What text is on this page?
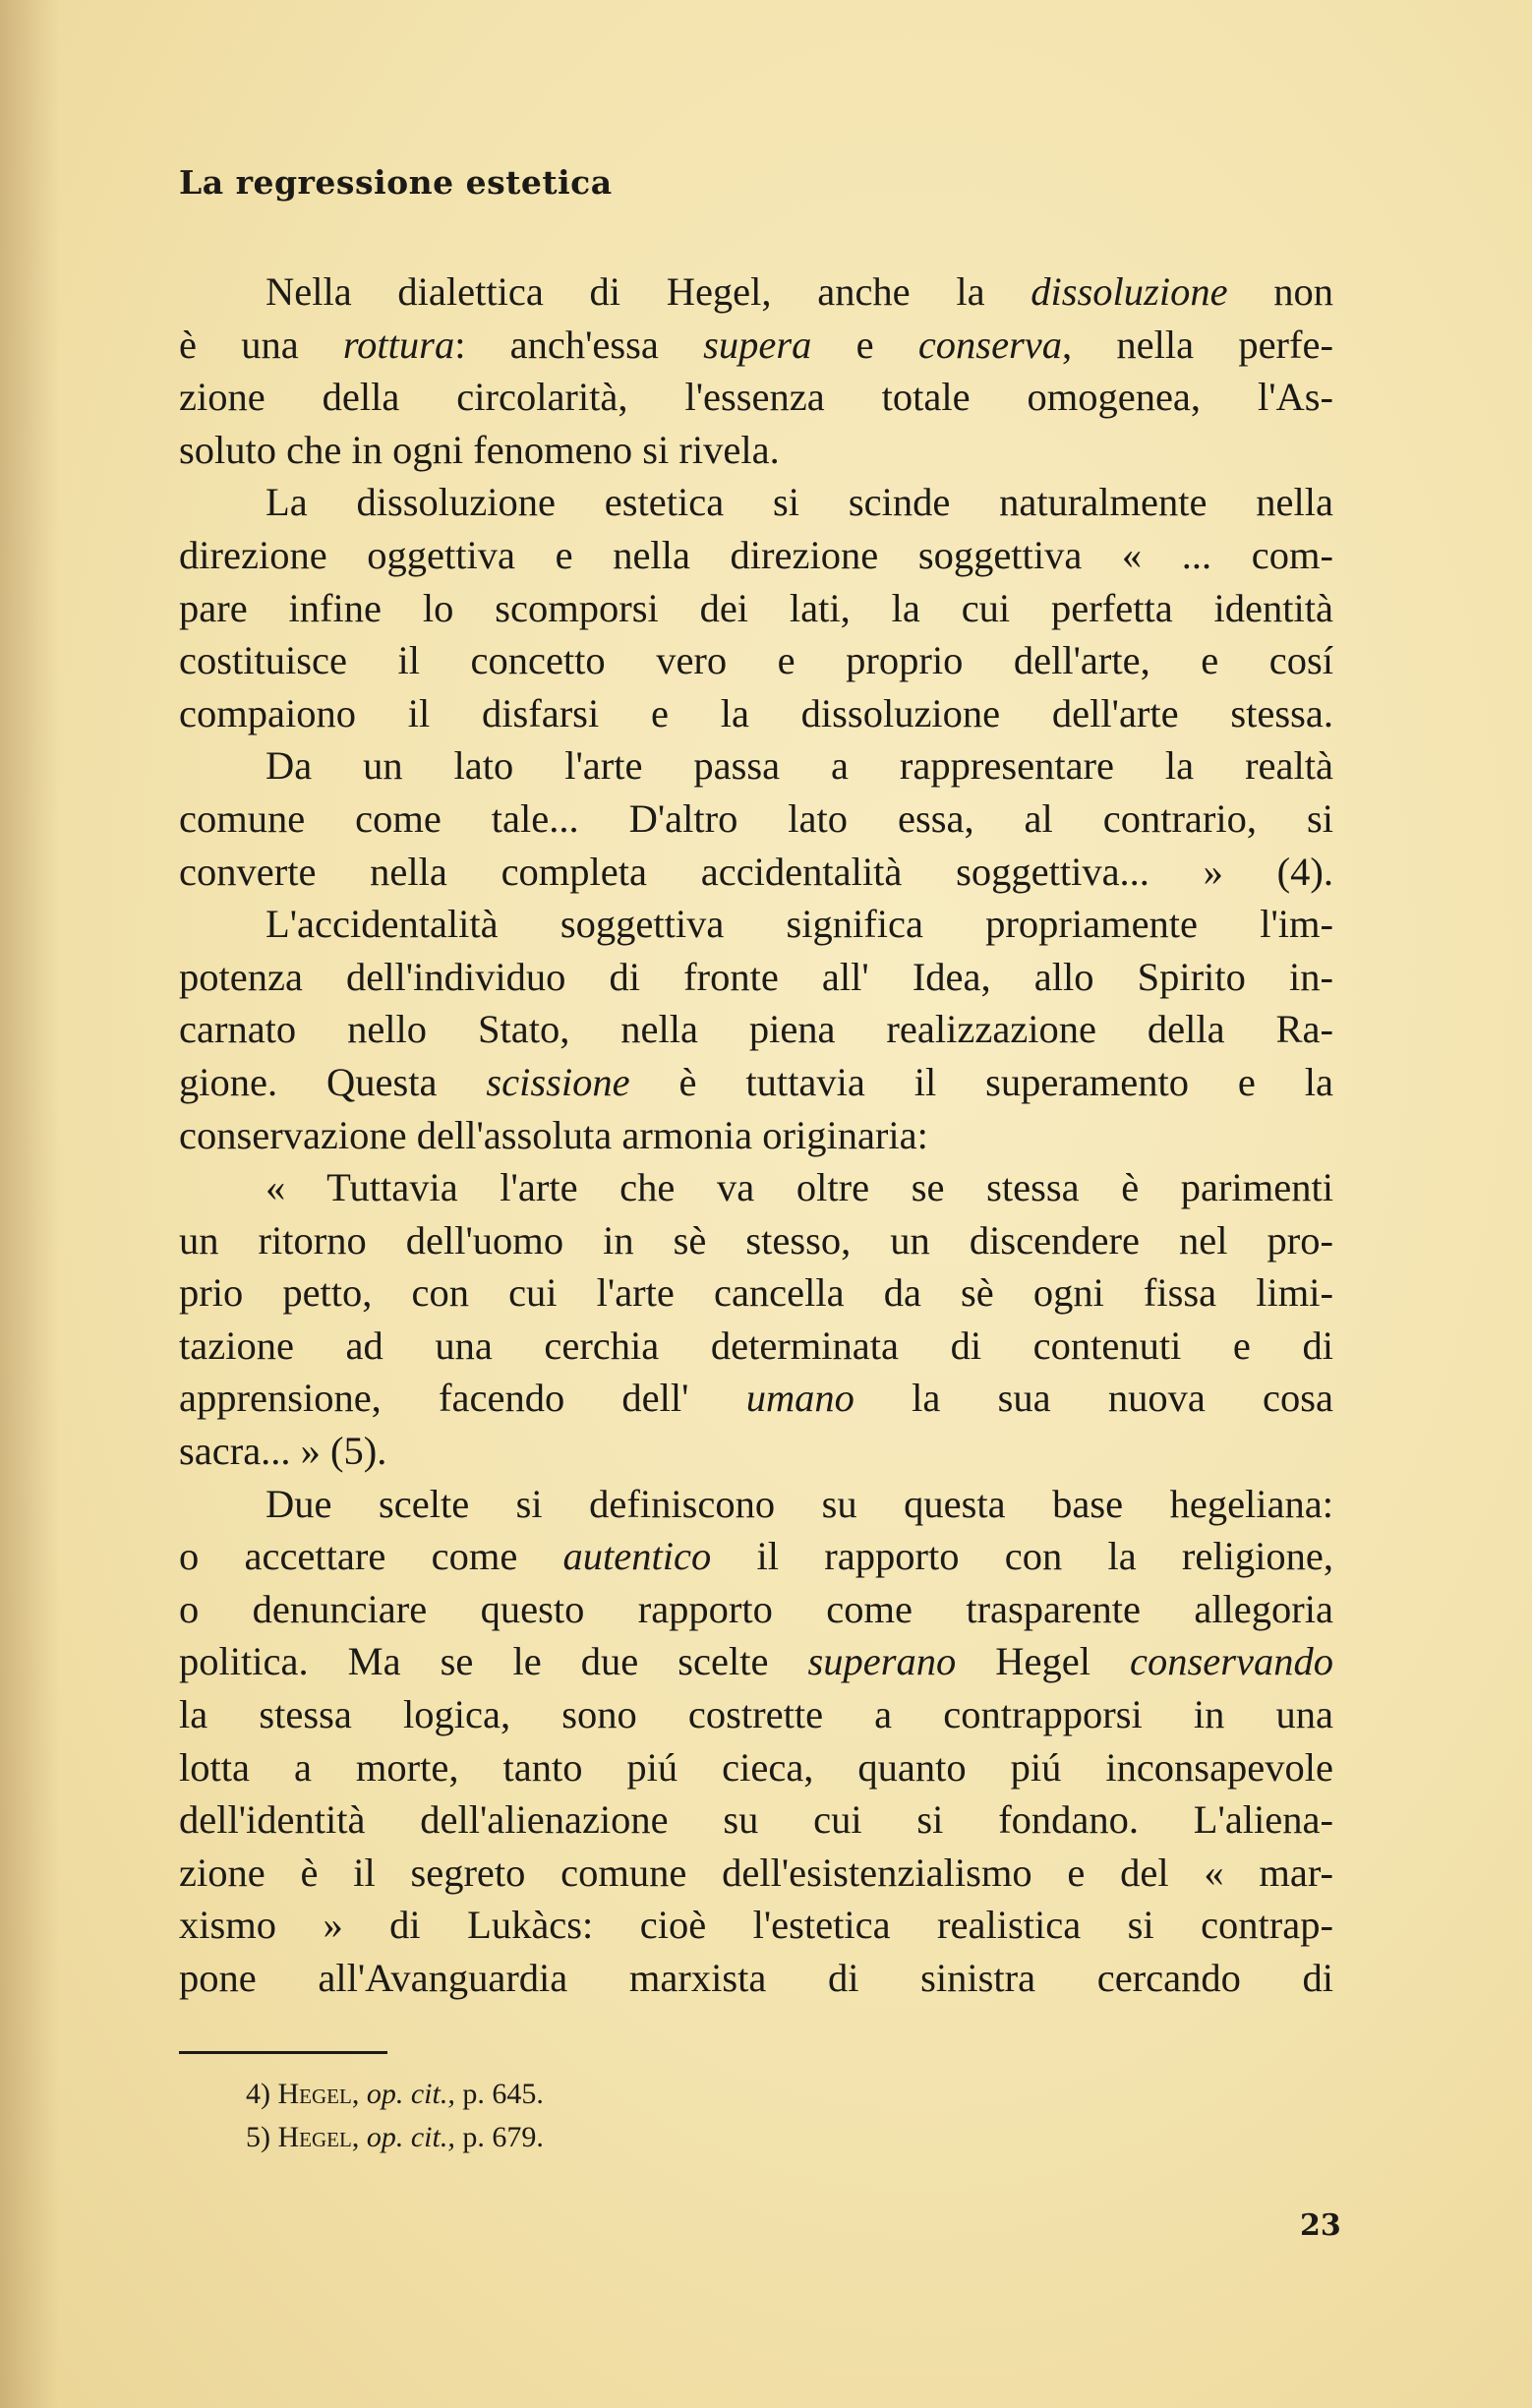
La regressione estetica
Nella dialettica di Hegel, anche la dissoluzione non
è una rottura: anch'essa supera e conserva, nella perfe-
zione della circolarità, l'essenza totale omogenea, l'As-
soluto che in ogni fenomeno si rivela.
La dissoluzione estetica si scinde naturalmente nella
direzione oggettiva e nella direzione soggettiva « ... com-
pare infine lo scomporsi dei lati, la cui perfetta identità
costituisce il concetto vero e proprio dell'arte, e cosí
compaiono il disfarsi e la dissoluzione dell'arte stessa.
Da un lato l'arte passa a rappresentare la realtà
comune come tale... D'altro lato essa, al contrario, si
converte nella completa accidentalità soggettiva... » (4).
L'accidentalità soggettiva significa propriamente l'im-
potenza dell'individuo di fronte all' Idea, allo Spirito in-
carnato nello Stato, nella piena realizzazione della Ra-
gione. Questa scissione è tuttavia il superamento e la
conservazione dell'assoluta armonia originaria:
« Tuttavia l'arte che va oltre se stessa è parimenti
un ritorno dell'uomo in sè stesso, un discendere nel pro-
prio petto, con cui l'arte cancella da sè ogni fissa limi-
tazione ad una cerchia determinata di contenuti e di
apprensione, facendo dell' umano la sua nuova cosa
sacra... » (5).
Due scelte si definiscono su questa base hegeliana:
o accettare come autentico il rapporto con la religione,
o denunciare questo rapporto come trasparente allegoria
politica. Ma se le due scelte superano Hegel conservando
la stessa logica, sono costrette a contrapporsi in una
lotta a morte, tanto piú cieca, quanto piú inconsapevole
dell'identità dell'alienazione su cui si fondano. L'aliena-
zione è il segreto comune dell'esistenzialismo e del « mar-
xismo » di Lukàcs: cioè l'estetica realistica si contrap-
pone all'Avanguardia marxista di sinistra cercando di
4) Hegel, op. cit., p. 645.
5) Hegel, op. cit., p. 679.
23
